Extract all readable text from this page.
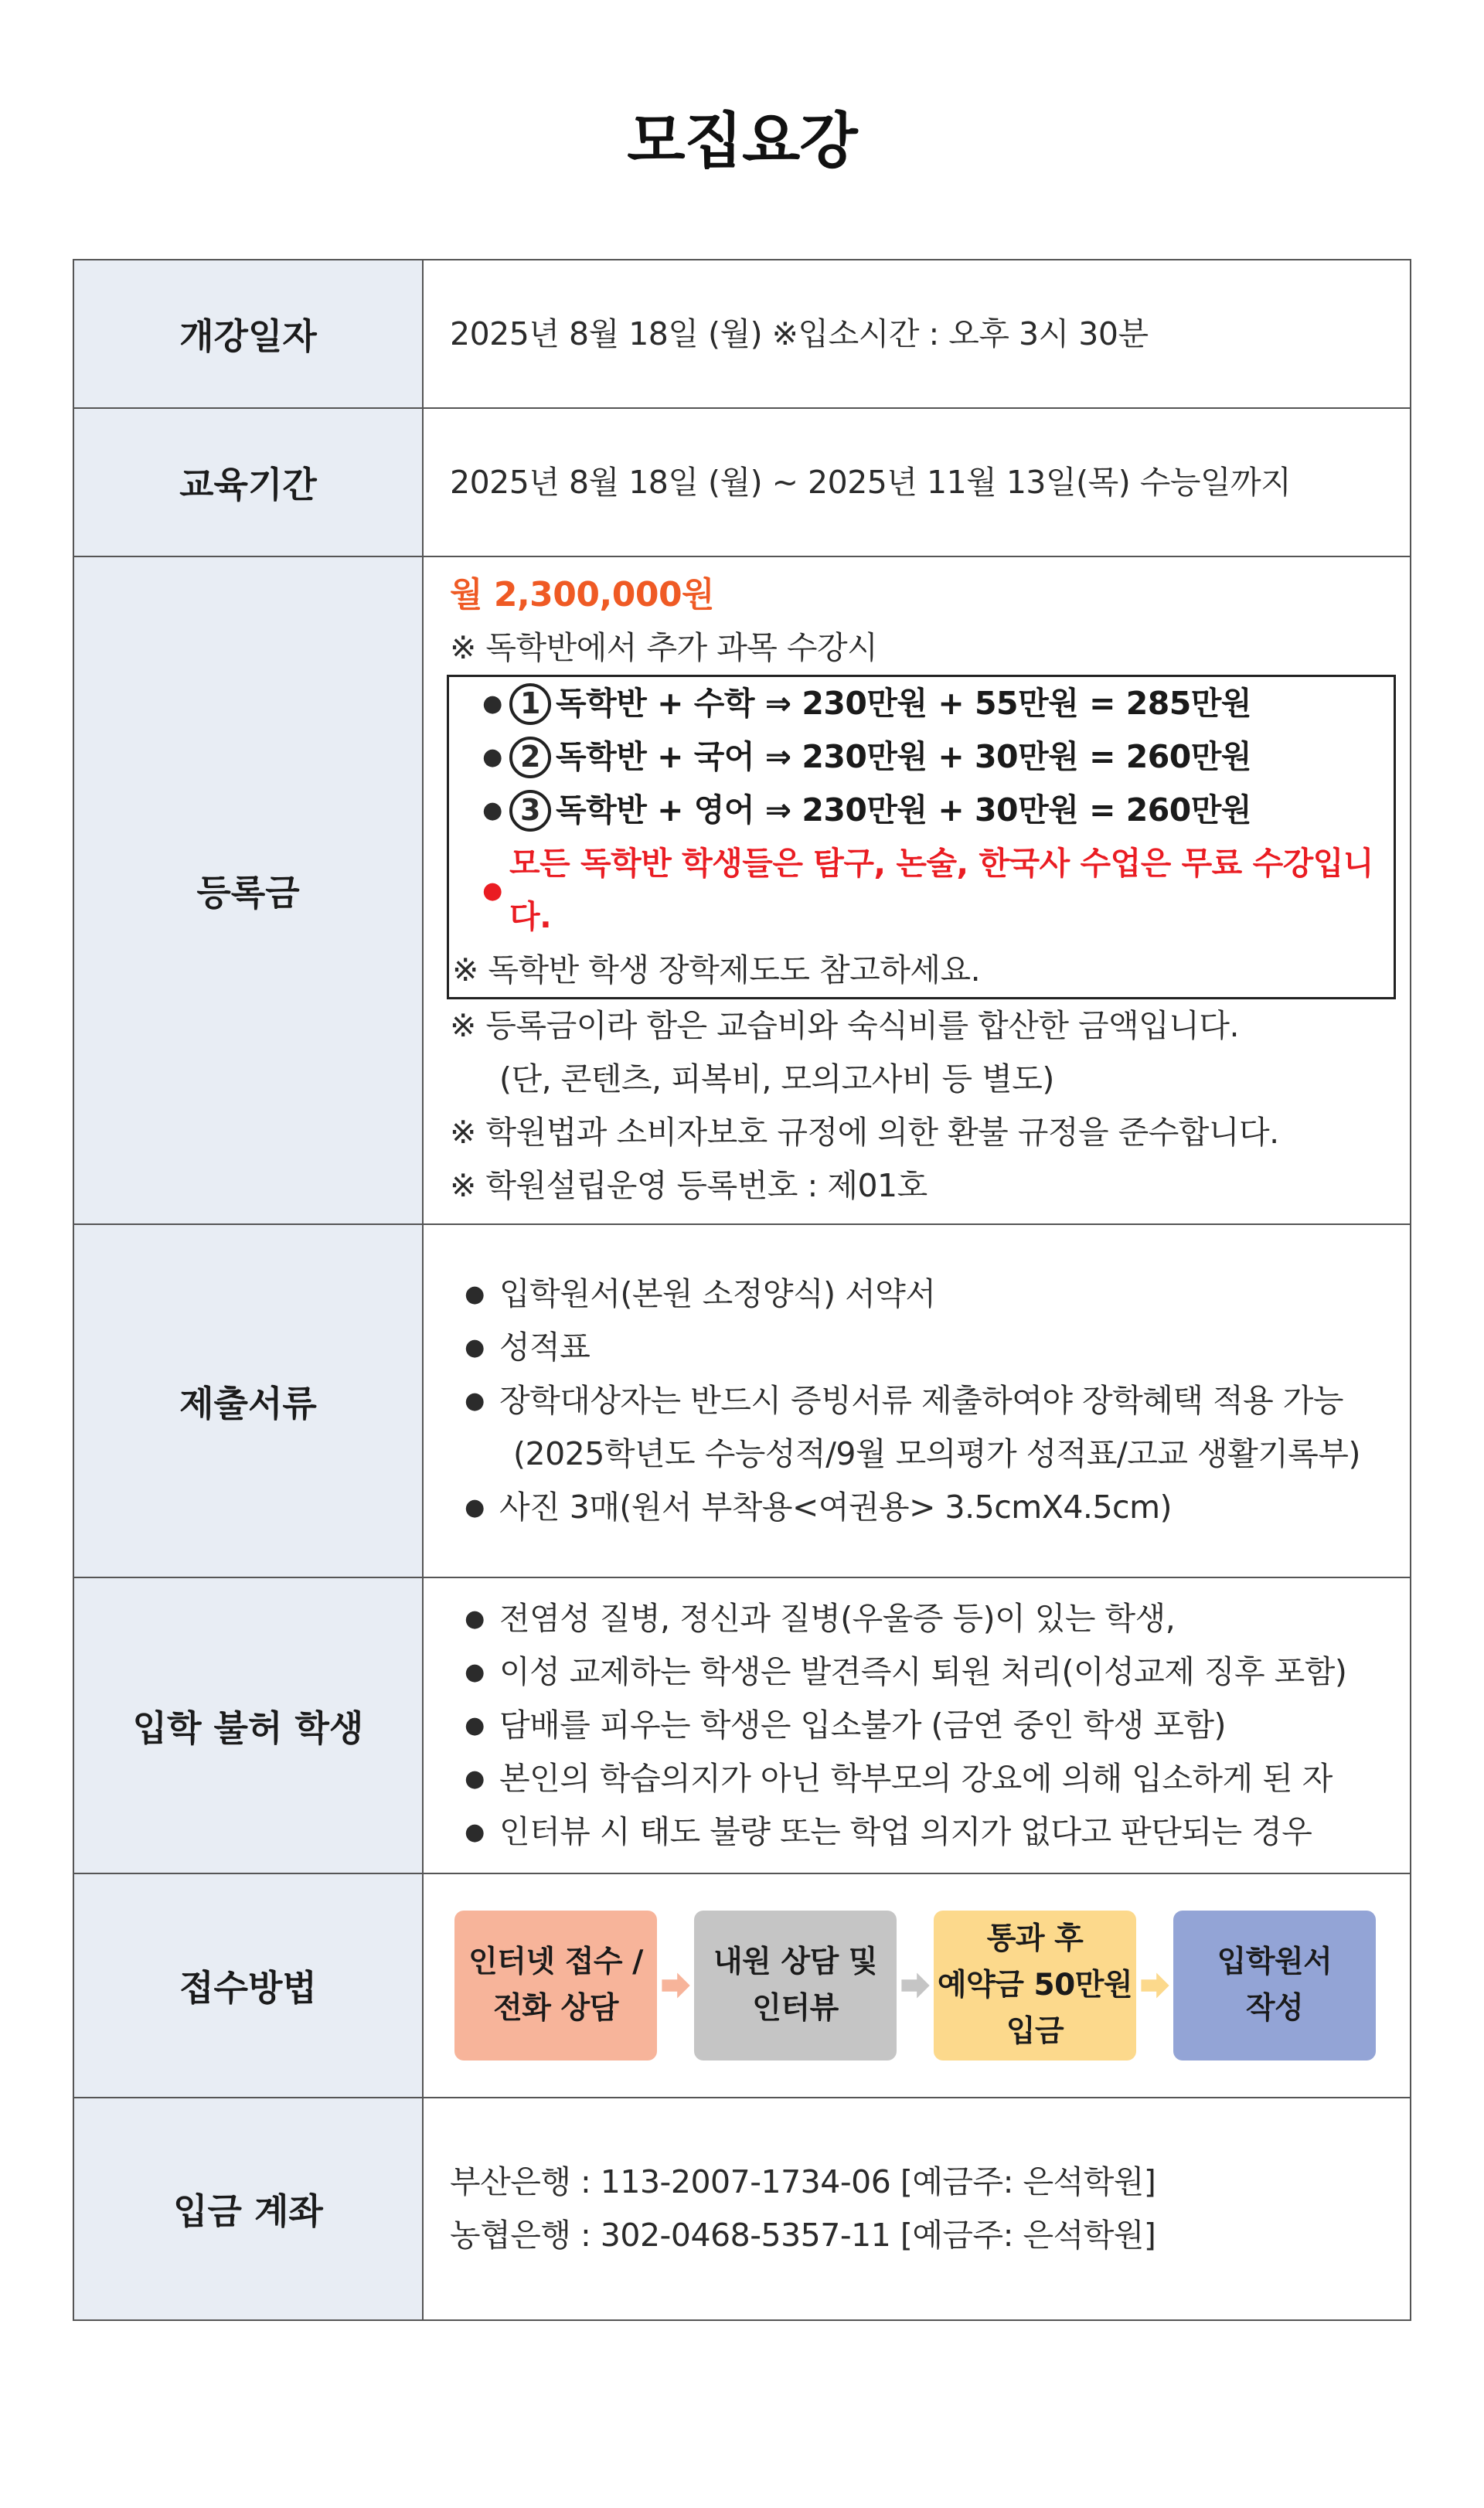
모집요강
개강일자	2025년 8월 18일 (월) ※입소시간 : 오후 3시 30분
교육기간	2025년 8월 18일 (월) ~ 2025년 11월 13일(목) 수능일까지
등록금
월 2,300,000원
※ 독학반에서 추가 과목 수강시
● 1 독학반 + 수학 ⇒ 230만원 + 55만원 = 285만원
● 2 독학반 + 국어 ⇒ 230만원 + 30만원 = 260만원
● 3 독학반 + 영어 ⇒ 230만원 + 30만원 = 260만원
●
모든 독학반 학생들은 탐구, 논술, 한국사 수업은 무료 수강입니다.
※ 독학반 학생 장학제도도 참고하세요.
※ 등록금이라 함은 교습비와 숙식비를 합산한 금액입니다.
(단, 콘텐츠, 피복비, 모의고사비 등 별도)
※ 학원법과 소비자보호 규정에 의한 환불 규정을 준수합니다.
※ 학원설립운영 등록번호 : 제01호
제출서류
● 입학원서(본원 소정양식) 서약서
● 성적표
● 장학대상자는 반드시 증빙서류 제출하여야 장학혜택 적용 가능
(2025학년도 수능성적/9월 모의평가 성적표/고교 생활기록부)
● 사진 3매(원서 부착용<여권용> 3.5cmX4.5cm)
입학 불허 학생
● 전염성 질병, 정신과 질병(우울증 등)이 있는 학생,
● 이성 교제하는 학생은 발견즉시 퇴원 처리(이성교제 징후 포함)
● 담배를 피우는 학생은 입소불가 (금연 중인 학생 포함)
● 본인의 학습의지가 아닌 학부모의 강요에 의해 입소하게 된 자
● 인터뷰 시 태도 불량 또는 학업 의지가 없다고 판단되는 경우
접수방법
인터넷 접수 /
전화 상담
내원 상담 및
인터뷰
통과 후
예약금 50만원
입금
입학원서
작성
입금 계좌
부산은행 : 113-2007-1734-06 [예금주: 은석학원]
농협은행 : 302-0468-5357-11 [예금주: 은석학원]
